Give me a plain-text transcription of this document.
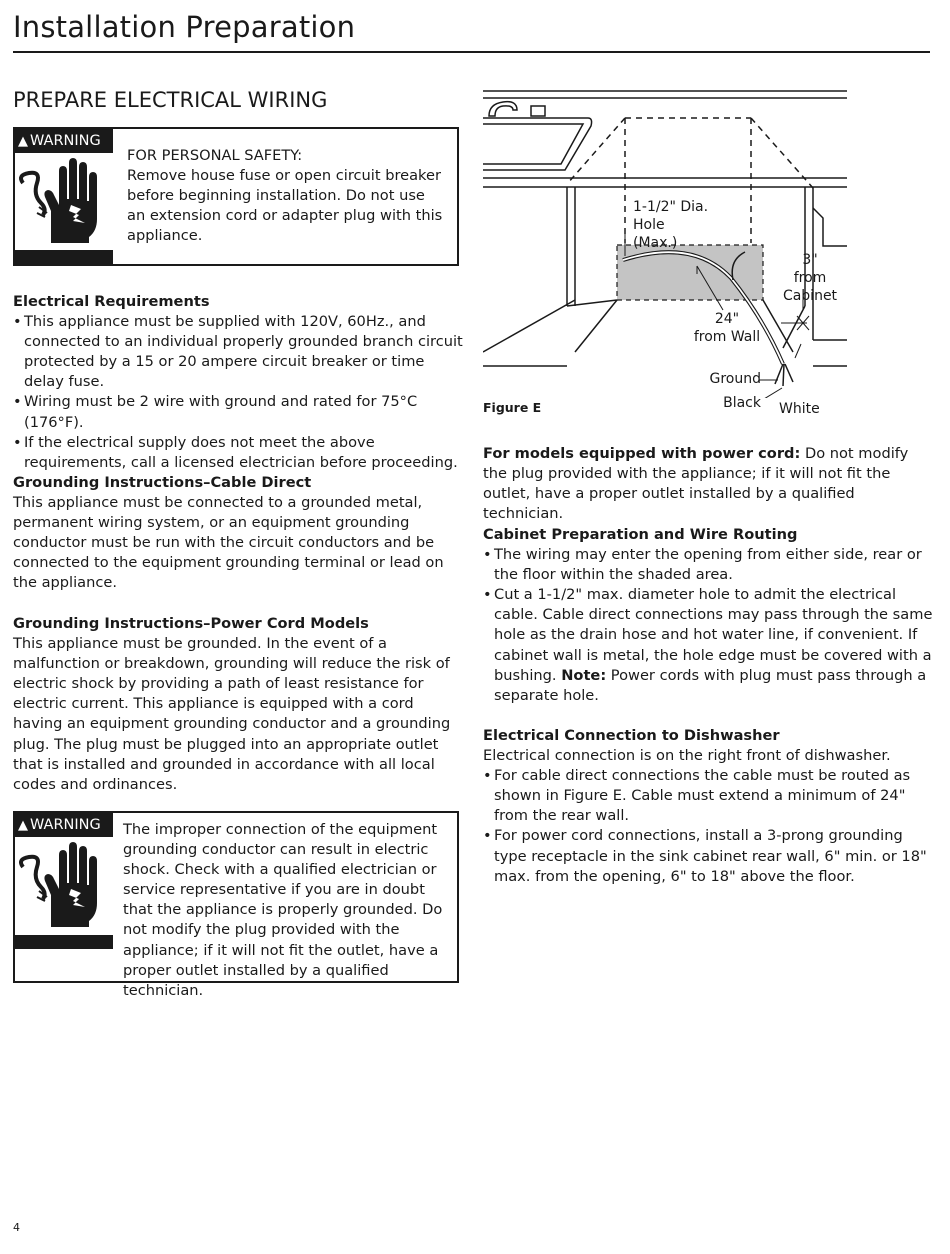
Installation Preparation
PREPARE ELECTRICAL WIRING
▲ WARNING
FOR PERSONAL SAFETY:
Remove house fuse or open circuit breaker before beginning installation. Do not use an extension cord or adapter plug with this appliance.
Electrical Requirements
• This appliance must be supplied with 120V, 60Hz., and connected to an individual properly grounded branch circuit protected by a 15 or 20 ampere circuit breaker or time delay fuse.
• Wiring must be 2 wire with ground and rated for 75°C (176°F).
• If the electrical supply does not meet the above requirements, call a licensed electrician before proceeding.
Grounding Instructions–Cable Direct
This appliance must be connected to a grounded metal, permanent wiring system, or an equipment grounding conductor must be run with the circuit conductors and be connected to the equipment grounding terminal or lead on the appliance.
Grounding Instructions–Power Cord Models
This appliance must be grounded. In the event of a malfunction or breakdown, grounding will reduce the risk of electric shock by providing a path of least resistance for electric current. This appliance is equipped with a cord having an equipment grounding conductor and a grounding plug. The plug must be plugged into an appropriate outlet that is installed and grounded in accordance with all local codes and ordinances.
▲ WARNING	The improper connection of the equipment grounding conductor can result in electric shock. Check with a qualified electrician or service representative if you are in doubt that the appliance is properly grounded. Do not modify the plug provided with the appliance; if it will not fit the outlet, have a proper outlet installed by a qualified technician.
1-1/2" Dia.
Hole (Max.)
3"
from
Cabinet
24"
from Wall
Ground
Black White
Figure E
For models equipped with power cord: Do not modify the plug provided with the appliance; if it will not fit the outlet, have a proper outlet installed by a qualified technician.
Cabinet Preparation and Wire Routing
• The wiring may enter the opening from either side, rear or the floor within the shaded area.
• Cut a 1-1/2" max. diameter hole to admit the electrical cable. Cable direct connections may pass through the same hole as the drain hose and hot water line, if convenient. If cabinet wall is metal, the hole edge must be covered with a bushing. Note: Power cords with plug must pass through a separate hole.
Electrical Connection to Dishwasher
Electrical connection is on the right front of dishwasher.
• For cable direct connections the cable must be routed as shown in Figure E. Cable must extend a minimum of 24" from the rear wall.
• For power cord connections, install a 3-prong grounding type receptacle in the sink cabinet rear wall, 6" min. or 18" max. from the opening, 6" to 18" above the floor.
4
